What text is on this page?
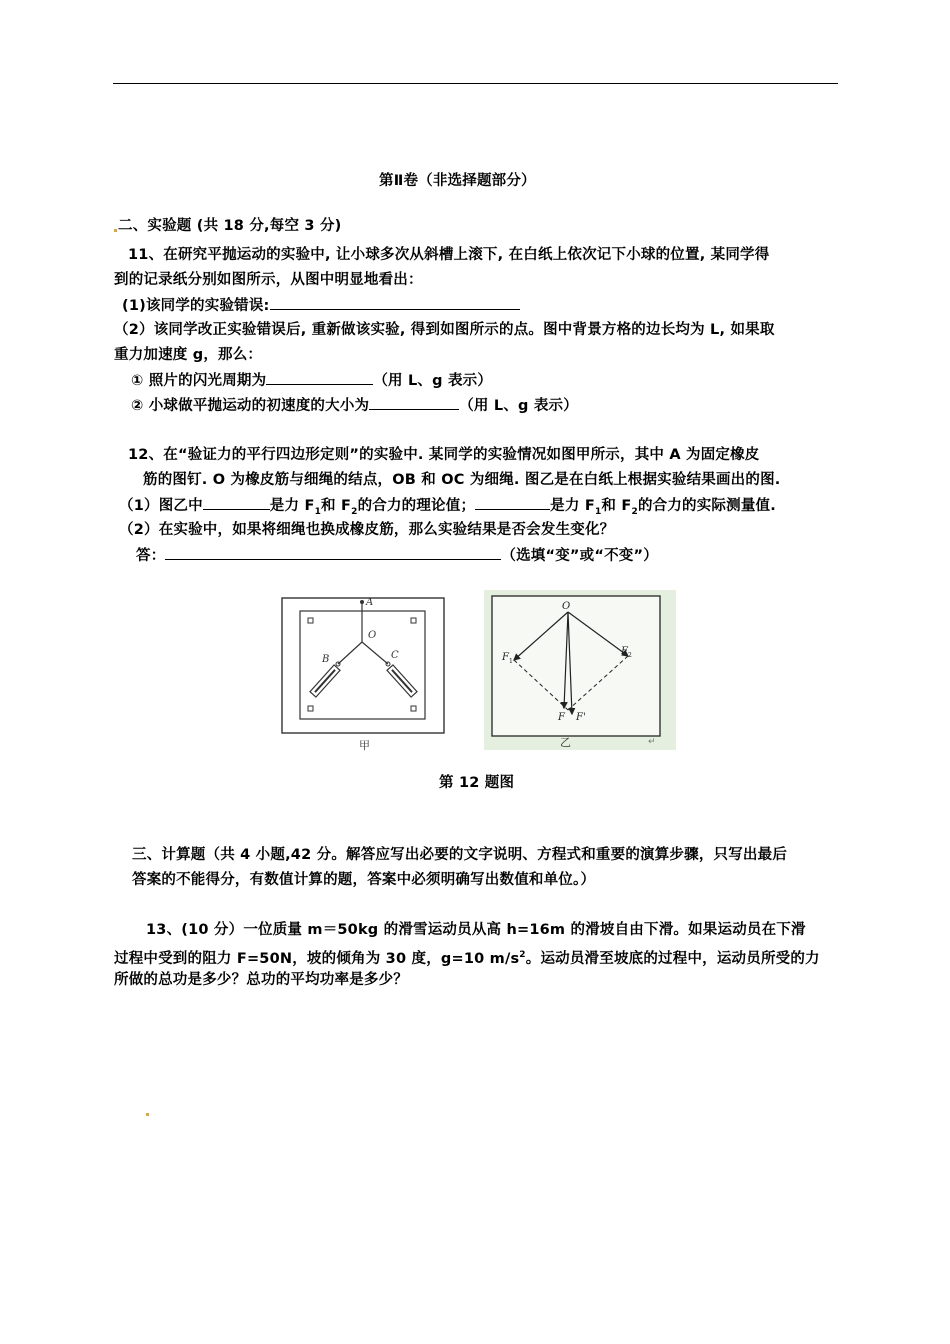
第Ⅱ卷（非选择题部分）
二、实验题 (共 18 分,每空 3 分)
11、在研究平抛运动的实验中, 让小球多次从斜槽上滚下, 在白纸上依次记下小球的位置, 某同学得
到的记录纸分别如图所示，从图中明显地看出：
(1)该同学的实验错误:
（2）该同学改正实验错误后, 重新做该实验, 得到如图所示的点。图中背景方格的边长均为 L, 如果取
重力加速度 g，那么：
① 照片的闪光周期为	（用 L、g 表示）
② 小球做平抛运动的初速度的大小为	（用 L、g 表示）
12、在“验证力的平行四边形定则”的实验中. 某同学的实验情况如图甲所示，其中 A 为固定橡皮
筋的图钉. O 为橡皮筋与细绳的结点，OB 和 OC 为细绳. 图乙是在白纸上根据实验结果画出的图.
（1）图乙中	是力 $F_1$和 $F_2$的合力的理论值；	是力 $F_1$和 $F_2$的合力的实际测量值.
（2）在实验中，如果将细绳也换成橡皮筋，那么实验结果是否会发生变化？
答：	（选填“变”或“不变”）
A
O
B	C
甲
O
F 1
F 2
F F'
乙	↵
第 12 题图
三、计算题（共 4 小题,42 分。解答应写出必要的文字说明、方程式和重要的演算步骤，只写出最后
答案的不能得分，有数值计算的题，答案中必须明确写出数值和单位。）
13、(10 分）一位质量 m＝50kg 的滑雪运动员从高 h=16m 的滑坡自由下滑。如果运动员在下滑
过程中受到的阻力 F=50N，坡的倾角为 30 度，g=10 $m/s^2$。运动员滑至坡底的过程中，运动员所受的力
所做的总功是多少？总功的平均功率是多少？
